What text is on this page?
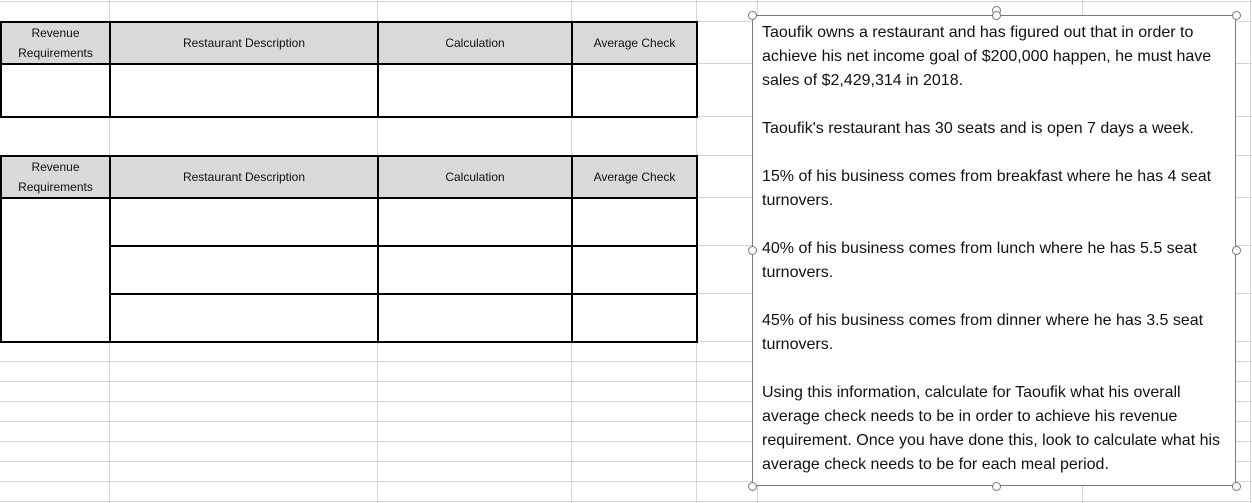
Revenue Requirements	Restaurant Description	Calculation	Average Check

Revenue Requirements	Restaurant Description	Calculation	Average Check

Taoufik owns a restaurant and has figured out that in order to achieve his net income goal of $200,000 happen, he must have sales of $2,429,314 in 2018.

Taoufik's restaurant has 30 seats and is open 7 days a week.

15% of his business comes from breakfast where he has 4 seat turnovers.

40% of his business comes from lunch where he has 5.5 seat turnovers.

45% of his business comes from dinner where he has 3.5 seat turnovers.

Using this information, calculate for Taoufik what his overall average check needs to be in order to achieve his revenue requirement. Once you have done this, look to calculate what his average check needs to be for each meal period.
